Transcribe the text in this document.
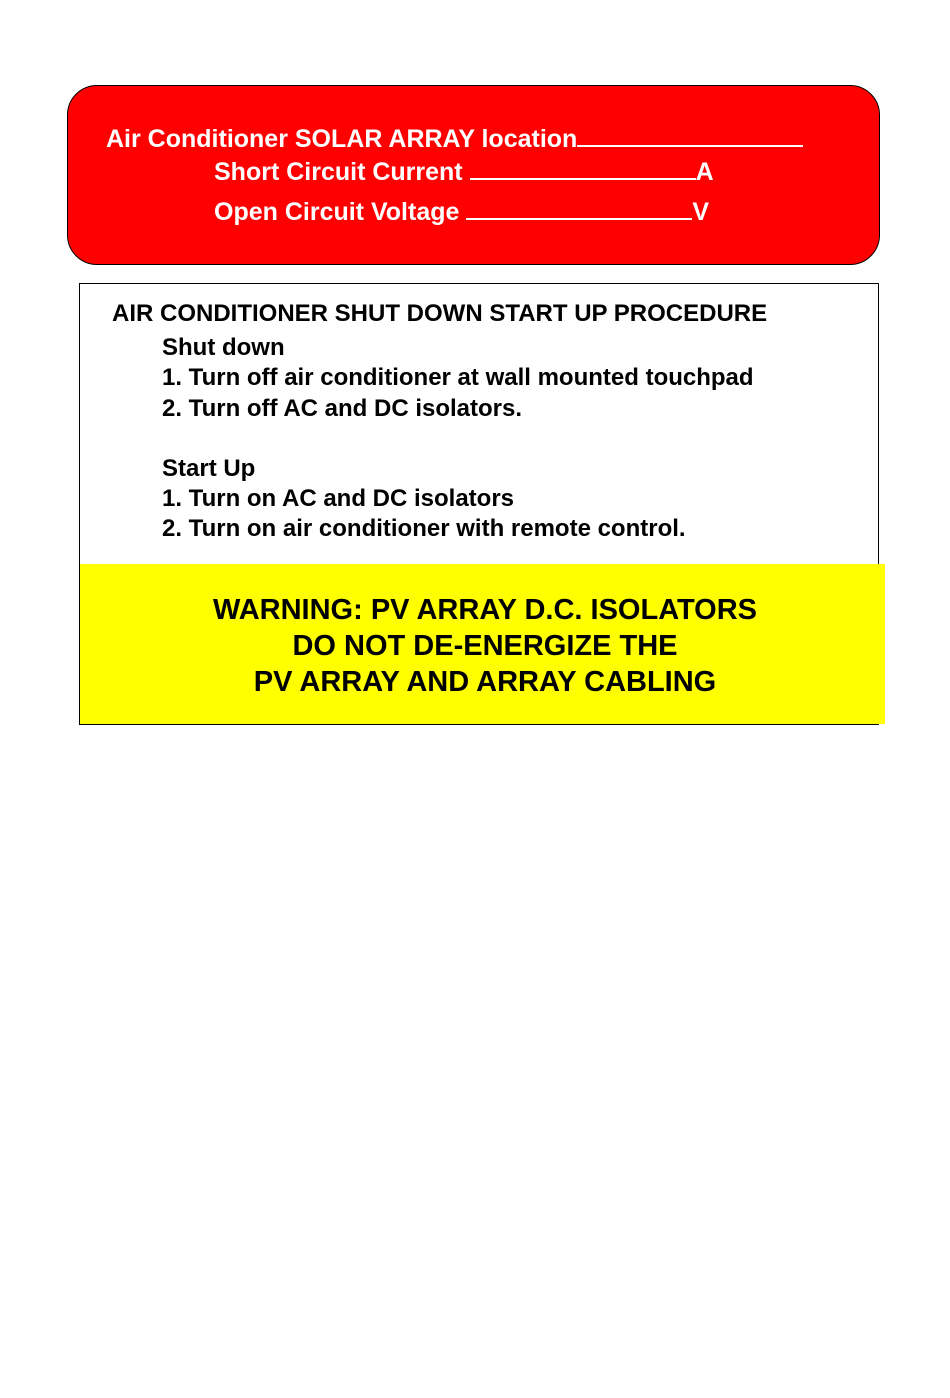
Air Conditioner SOLAR ARRAY location
Short Circuit Current	A
Open Circuit Voltage	V
AIR CONDITIONER SHUT DOWN START UP PROCEDURE
Shut down
1. Turn off air conditioner at wall mounted touchpad
2. Turn off AC and DC isolators.
Start Up
1. Turn on AC and DC isolators
2. Turn on air conditioner with remote control.
WARNING: PV ARRAY D.C. ISOLATORS
DO NOT DE-ENERGIZE THE
PV ARRAY AND ARRAY CABLING
